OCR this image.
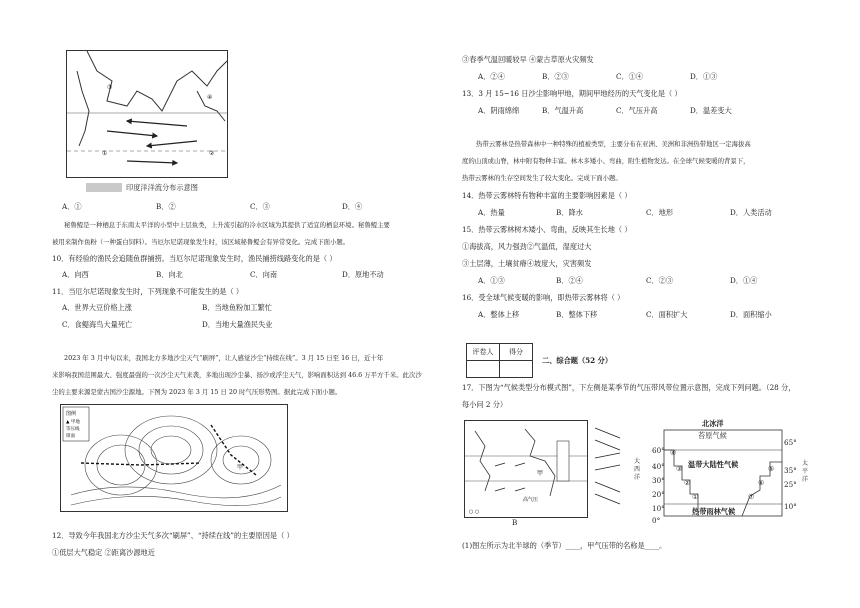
①	②
③
④
印度洋洋流分布示意图
A．①	B．②	C．③	D．④
秘鲁鳀是一种栖息于东南太平洋的小型中上层鱼类，上升流引起的冷水区域为其提供了适宜的栖息环境。秘鲁鳀主要
被用来制作鱼粉（一种蛋白饲料）。当厄尔尼诺现象发生时，该区域秘鲁鳀会有异常变化。完成下面小题。
10．有经验的渔民会追随鱼群捕捞。当厄尔尼诺现象发生时，渔民捕捞线路变化的是（ ）
A．向西	B．向北	C．向南	D．原地不动
11．当厄尔尼诺现象发生时，下列现象不可能发生的是（ ）
A．世界大豆价格上涨	B．当地鱼粉加工繁忙
C．食鳀海鸟大量死亡	D．当地大量渔民失业
2023 年 3 月中旬以来，我国北方多地沙尘天气“刷屏”，让人感觉沙尘“持续在线”。3 月 15 日至 16 日，近十年
来影响我国范围最大、强度最强的一次沙尘天气来袭，多地出现沙尘暴、扬沙或浮尘天气，影响面积达到 46.6 万平方千米。此次沙
尘的主要来源是蒙古国沙尘源地。下图为 2023 年 3 月 15 日 20 时气压形势图。据此完成下面小题。
图例
▲ 甲地
等压线
锋面
甲
12．导致今年我国北方沙尘天气多次“刷屏”、“持续在线”的主要原因是（ ）
①低层大气稳定 ②距离沙源地近
③春季气温回暖较早 ④蒙古草原火灾频发
A．②④	B．②③	C．①④	D．①③
13．3 月 15~16 日沙尘影响甲地，期间甲地经历的天气变化是（ ）
A．阴雨绵绵	B．气温升高	C．气压升高	D．温差变大
热带云雾林是热带森林中一种特殊的植被类型，主要分布在亚洲、美洲和非洲热带地区一定海拔高
度的山顶或山脊，林中附有物种丰富。林木多矮小、弯曲，附生植物发达。在全球气候变暖的背景下，
热带云雾林的生存空间发生了较大变化。完成下面小题。
14．热带云雾林特有物种丰富的主要影响因素是（ ）
A．热量	B．降水	C．地形	D．人类活动
15．热带云雾林树木矮小、弯曲，反映其生长地（ ）
①海拔高，风力强劲②气温低，湿度过大
③土层薄，土壤贫瘠④坡度大，灾害频发
A．①③	B．②④	C．②③	D．①④
16．受全球气候变暖的影响，即热带云雾林将（ ）
A．整体上移	B．整体下移	C．面积扩大	D．面积缩小
评卷人	得分

二、综合题（52 分）
17．下图为“气候类型分布模式图”，下左侧是某季节的气压带风带位置示意图，完成下列问题。（28 分，
每小问 2 分）
甲
高气压
○ ○
B
北冰洋
苔原气候
温带大陆性气候
热带雨林气候
大西洋
太平洋
60°
40°
30°
20°
10°
0°
65°
35°
25°
10°
④
③
②
①
⑤
⑥
⑦
(1)图左所示为北半球的（季节）____，甲气压带的名称是____。
